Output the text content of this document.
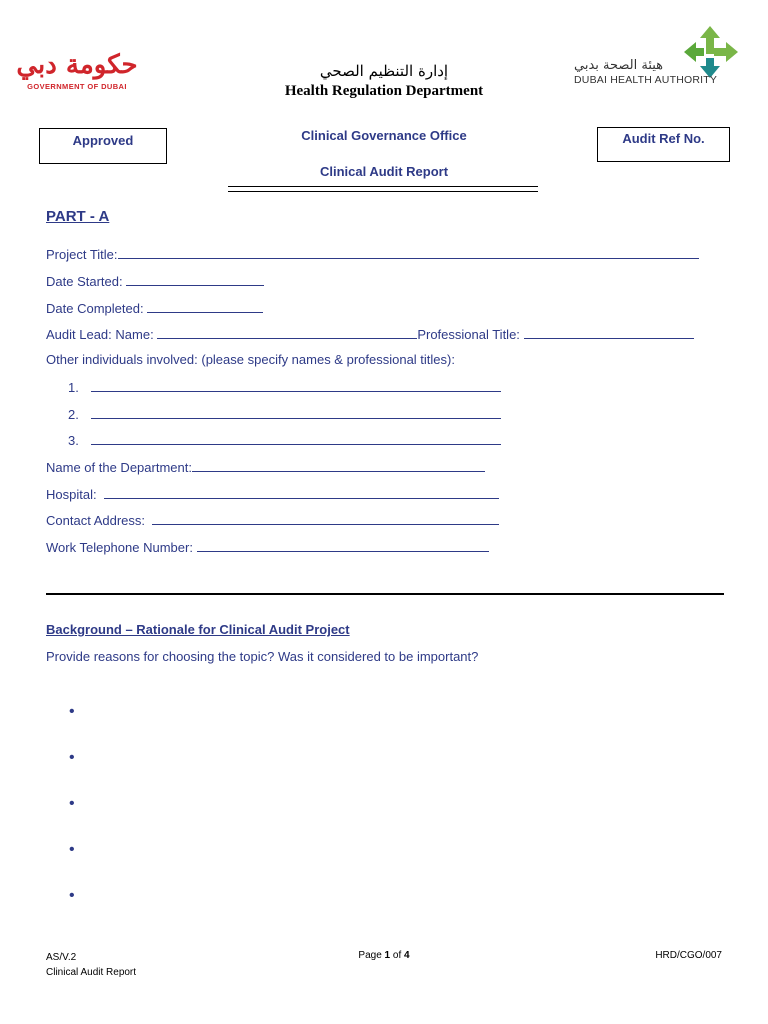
حكومة دبي
GOVERNMENT OF DUBAI
هيئة الصحة بدبي
DUBAI HEALTH AUTHORITY
إدارة التنظيم الصحي
Health Regulation Department
Approved	Audit Ref No.
Clinical Governance Office
Clinical Audit Report
PART - A
Project Title:
Date Started:
Date Completed:
Audit Lead: Name:	Professional Title:
Other individuals involved: (please specify names & professional titles):
1.
2.
3.
Name of the Department:
Hospital:
Contact Address:
Work Telephone Number:
Background – Rationale for Clinical Audit Project
Provide reasons for choosing the topic? Was it considered to be important?
•
•
•
•
•
AS/V.2
Clinical Audit Report
Page 1 of 4	HRD/CGO/007
